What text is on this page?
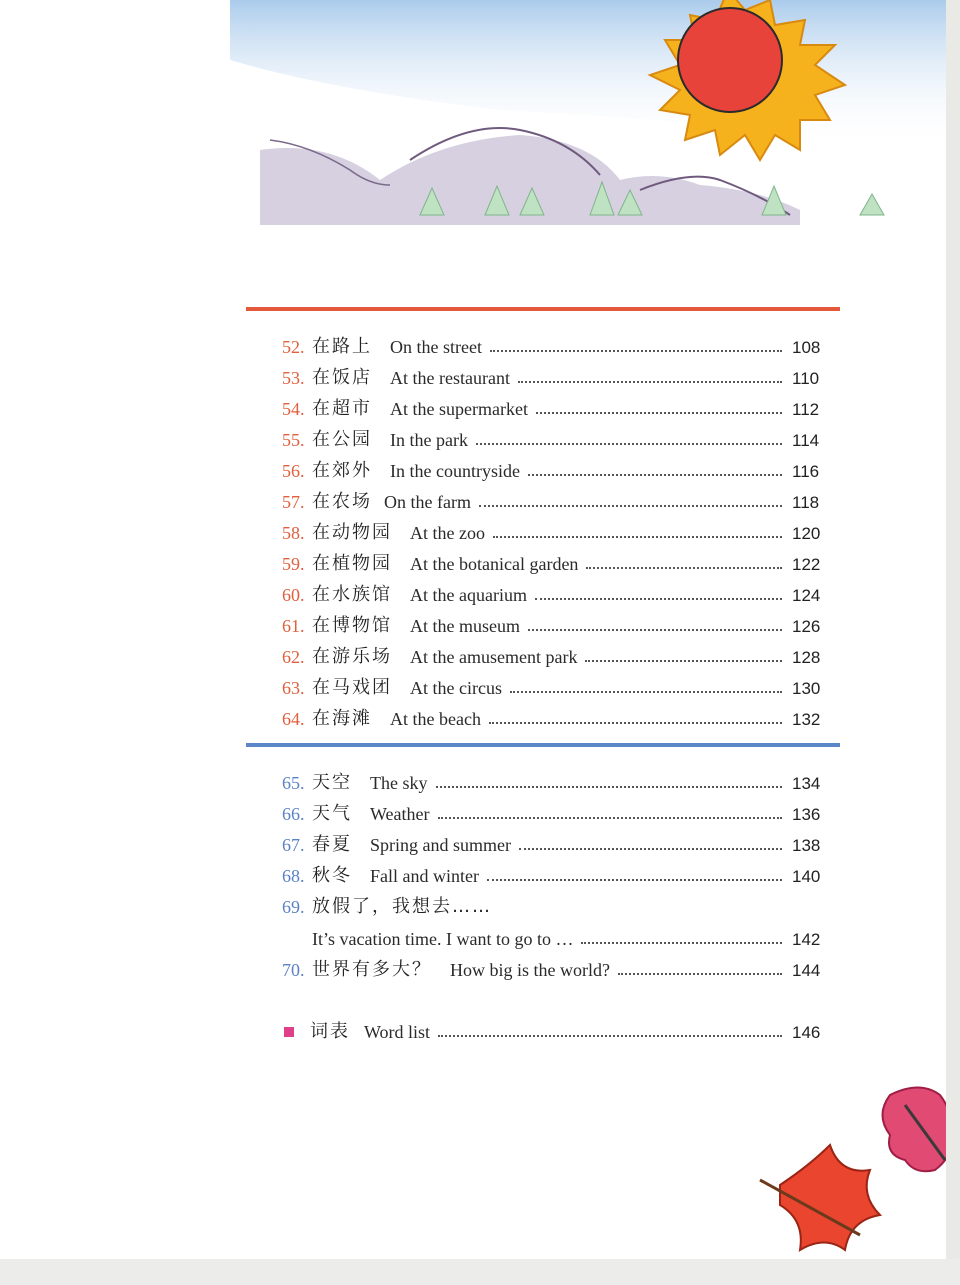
52. 在路上 On the street	108
53. 在饭店 At the restaurant	110
54. 在超市 At the supermarket	112
55. 在公园 In the park	114
56. 在郊外 In the countryside	116
57. 在农场 On the farm	118
58. 在动物园 At the zoo	120
59. 在植物园 At the botanical garden	122
60. 在水族馆 At the aquarium	124
61. 在博物馆 At the museum	126
62. 在游乐场 At the amusement park	128
63. 在马戏团 At the circus	130
64. 在海滩 At the beach	132
65. 天空 The sky	134
66. 天气 Weather	136
67. 春夏 Spring and summer	138
68. 秋冬 Fall and winter	140
69. 放假了，我想去……
It’s vacation time. I want to go to …	142
70. 世界有多大？ How big is the world?	144
词表 Word list	146
